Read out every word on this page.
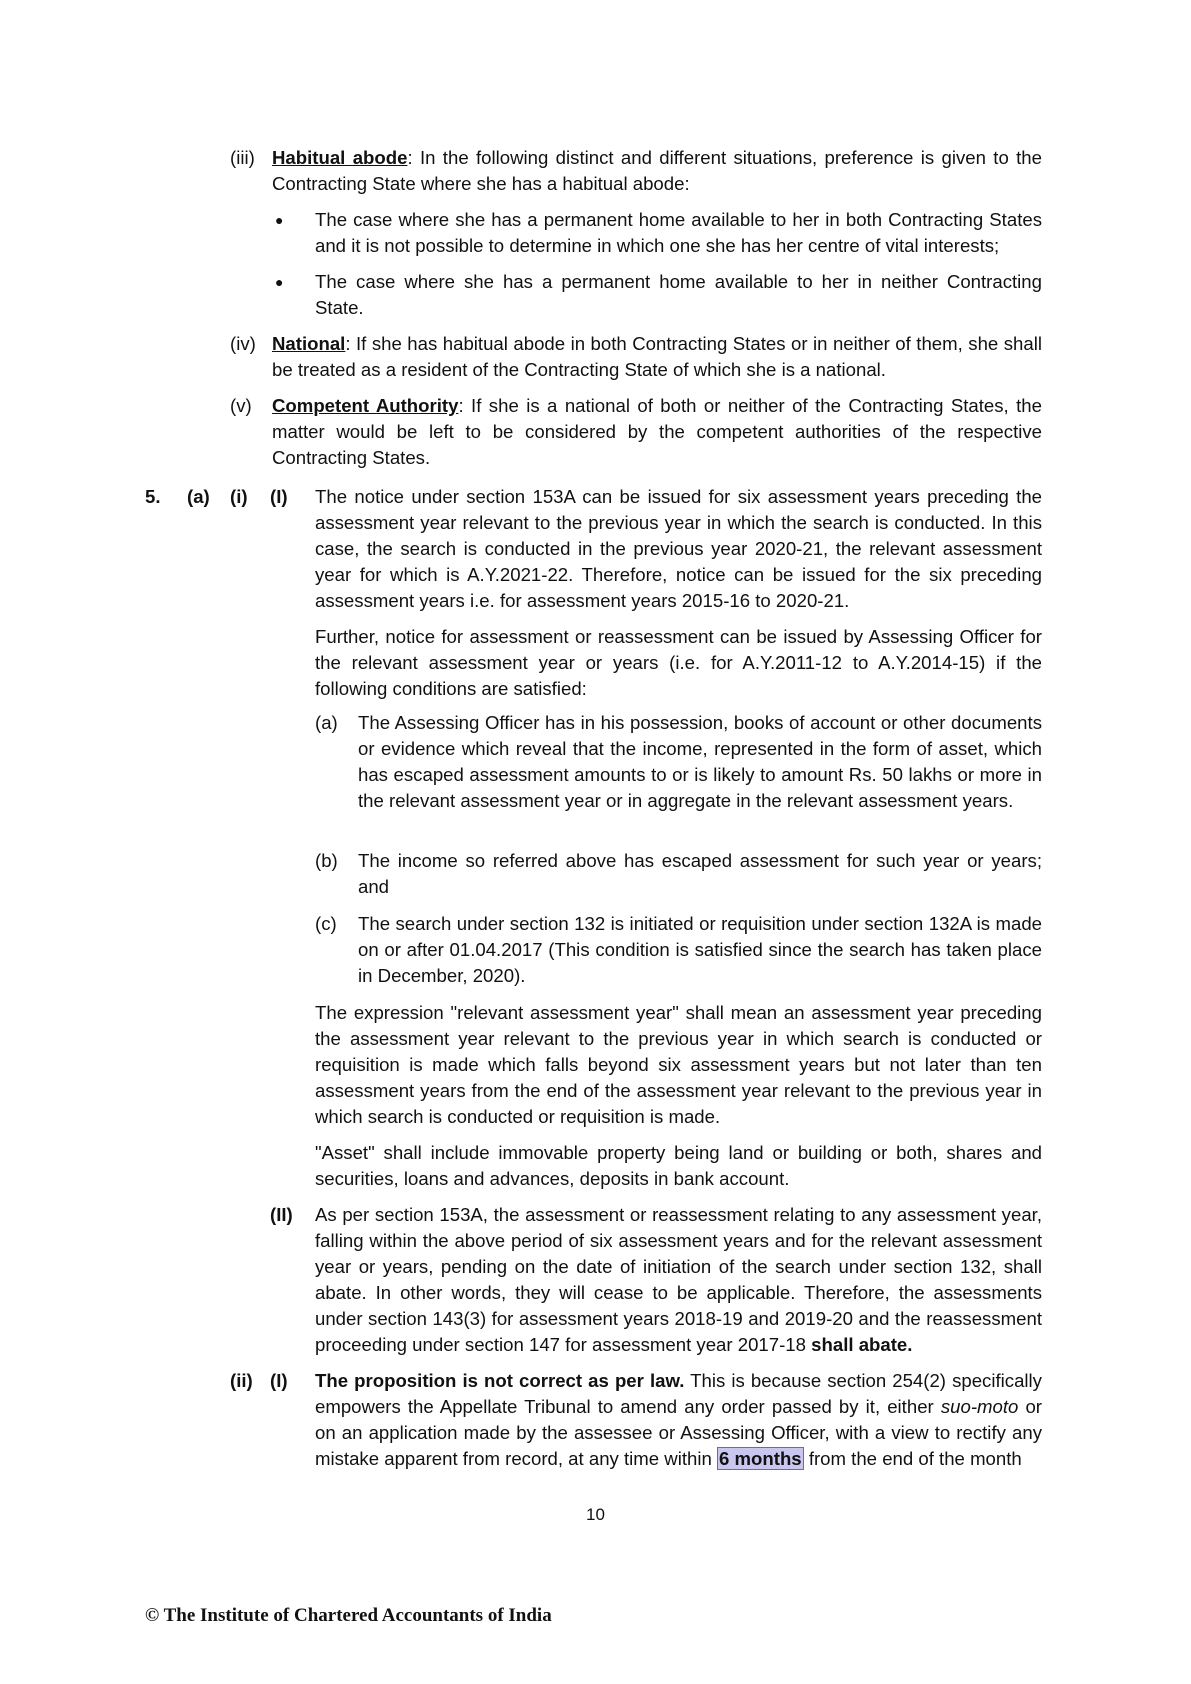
(iii) Habitual abode: In the following distinct and different situations, preference is given to the Contracting State where she has a habitual abode:
● The case where she has a permanent home available to her in both Contracting States and it is not possible to determine in which one she has her centre of vital interests;
● The case where she has a permanent home available to her in neither Contracting State.
(iv) National: If she has habitual abode in both Contracting States or in neither of them, she shall be treated as a resident of the Contracting State of which she is a national.
(v) Competent Authority: If she is a national of both or neither of the Contracting States, the matter would be left to be considered by the competent authorities of the respective Contracting States.
5. (a) (i) (I) The notice under section 153A can be issued for six assessment years preceding the assessment year relevant to the previous year in which the search is conducted. In this case, the search is conducted in the previous year 2020-21, the relevant assessment year for which is A.Y.2021-22. Therefore, notice can be issued for the six preceding assessment years i.e. for assessment years 2015-16 to 2020-21.
Further, notice for assessment or reassessment can be issued by Assessing Officer for the relevant assessment year or years (i.e. for A.Y.2011-12 to A.Y.2014-15) if the following conditions are satisfied:
(a) The Assessing Officer has in his possession, books of account or other documents or evidence which reveal that the income, represented in the form of asset, which has escaped assessment amounts to or is likely to amount Rs. 50 lakhs or more in the relevant assessment year or in aggregate in the relevant assessment years.
(b) The income so referred above has escaped assessment for such year or years; and
(c) The search under section 132 is initiated or requisition under section 132A is made on or after 01.04.2017 (This condition is satisfied since the search has taken place in December, 2020).
The expression "relevant assessment year" shall mean an assessment year preceding the assessment year relevant to the previous year in which search is conducted or requisition is made which falls beyond six assessment years but not later than ten assessment years from the end of the assessment year relevant to the previous year in which search is conducted or requisition is made.
"Asset" shall include immovable property being land or building or both, shares and securities, loans and advances, deposits in bank account.
(II) As per section 153A, the assessment or reassessment relating to any assessment year, falling within the above period of six assessment years and for the relevant assessment year or years, pending on the date of initiation of the search under section 132, shall abate. In other words, they will cease to be applicable. Therefore, the assessments under section 143(3) for assessment years 2018-19 and 2019-20 and the reassessment proceeding under section 147 for assessment year 2017-18 shall abate.
(ii) (I) The proposition is not correct as per law. This is because section 254(2) specifically empowers the Appellate Tribunal to amend any order passed by it, either suo-moto or on an application made by the assessee or Assessing Officer, with a view to rectify any mistake apparent from record, at any time within 6 months from the end of the month
10
© The Institute of Chartered Accountants of India
